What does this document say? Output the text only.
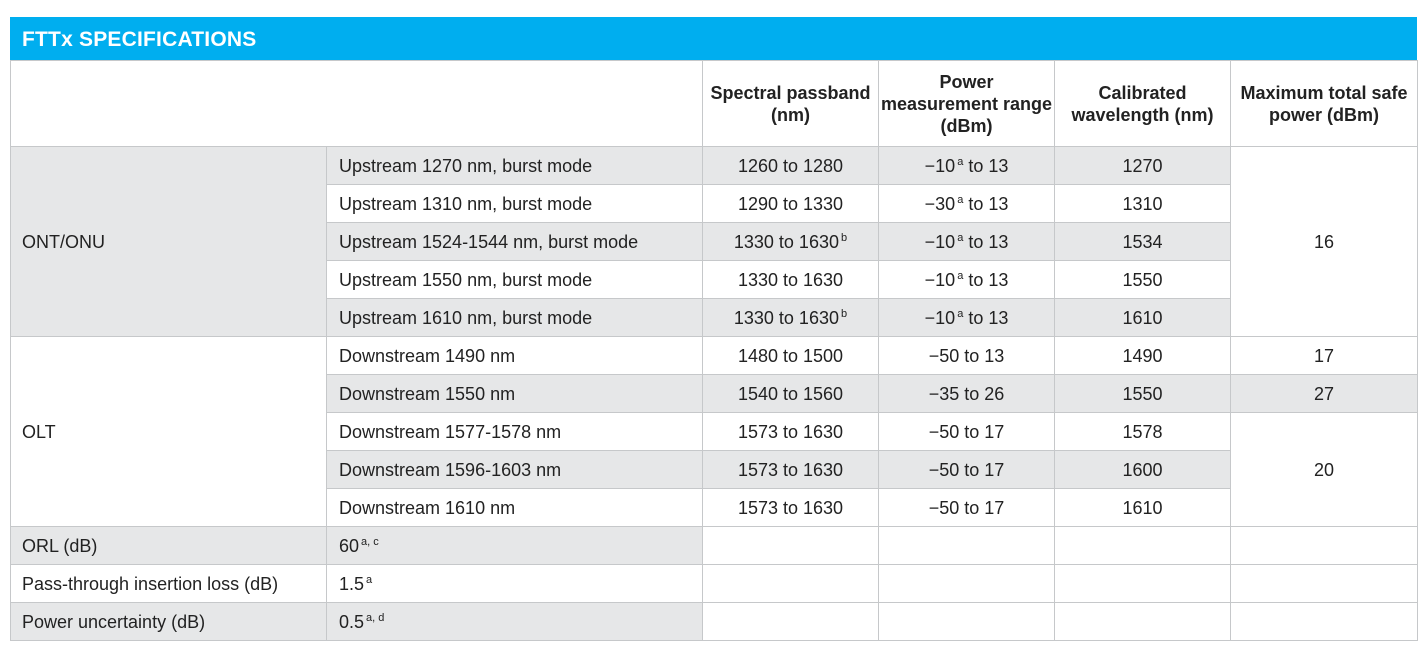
FTTx SPECIFICATIONS
		Spectral passband (nm)	Power measurement range (dBm)	Calibrated wavelength (nm)	Maximum total safe power (dBm)
ONT/ONU	Upstream 1270 nm, burst mode	1260 to 1280	−10 $^a$ to 13	1270	16
	Upstream 1310 nm, burst mode	1290 to 1330	−30 $^a$ to 13	1310	
	Upstream 1524-1544 nm, burst mode	1330 to 1630 $^b$	−10 $^a$ to 13	1534	
	Upstream 1550 nm, burst mode	1330 to 1630	−10 $^a$ to 13	1550	
	Upstream 1610 nm, burst mode	1330 to 1630 $^b$	−10 $^a$ to 13	1610	
OLT	Downstream 1490 nm	1480 to 1500	−50 to 13	1490	17
	Downstream 1550 nm	1540 to 1560	−35 to 26	1550	27
	Downstream 1577-1578 nm	1573 to 1630	−50 to 17	1578	20
	Downstream 1596-1603 nm	1573 to 1630	−50 to 17	1600	
	Downstream 1610 nm	1573 to 1630	−50 to 17	1610	
ORL (dB)	60 $^{a, c}$				
Pass-through insertion loss (dB)	1.5 $^a$				
Power uncertainty (dB)	0.5 $^{a, d}$				
